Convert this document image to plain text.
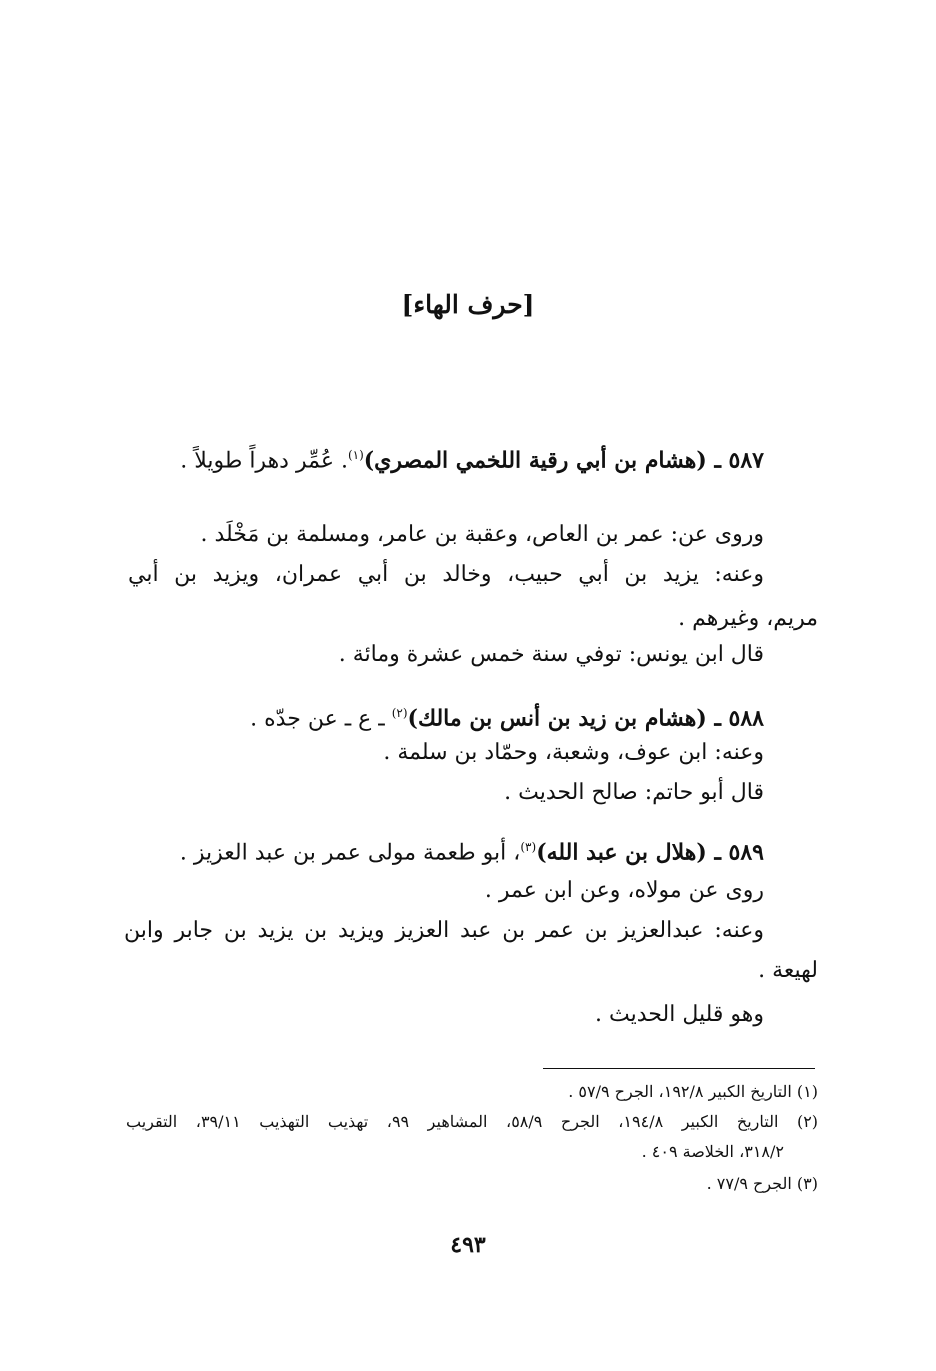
[حرف الهاء]
٥٨٧ ـ (هشام بن أبي رقية اللخمي المصري)$^{(١)}$. عُمِّر دهراً طويلاً .
وروى عن: عمر بن العاص، وعقبة بن عامر، ومسلمة بن مَخْلَد .
وعنه: يزيد بن أبي حبيب، وخالد بن أبي عمران، ويزيد بن أبي
مريم، وغيرهم .
قال ابن يونس: توفي سنة خمس عشرة ومائة .
٥٨٨ ـ (هشام بن زيد بن أنس بن مالك)$^{(٢)}$ ـ ع ـ عن جدّه .
وعنه: ابن عوف، وشعبة، وحمّاد بن سلمة .
قال أبو حاتم: صالح الحديث .
٥٨٩ ـ (هلال بن عبد الله)$^{(٣)}$، أبو طعمة مولى عمر بن عبد العزيز .
روى عن مولاه، وعن ابن عمر .
وعنه: عبدالعزيز بن عمر بن عبد العزيز ويزيد بن يزيد بن جابر وابن
لهيعة .
وهو قليل الحديث .
(١) التاريخ الكبير ١٩٢/٨، الجرح ٥٧/٩ .
(٢) التاريخ الكبير ١٩٤/٨، الجرح ٥٨/٩، المشاهير ٩٩، تهذيب التهذيب ٣٩/١١، التقريب
٣١٨/٢، الخلاصة ٤٠٩ .
(٣) الجرح ٧٧/٩ .
٤٩٣
